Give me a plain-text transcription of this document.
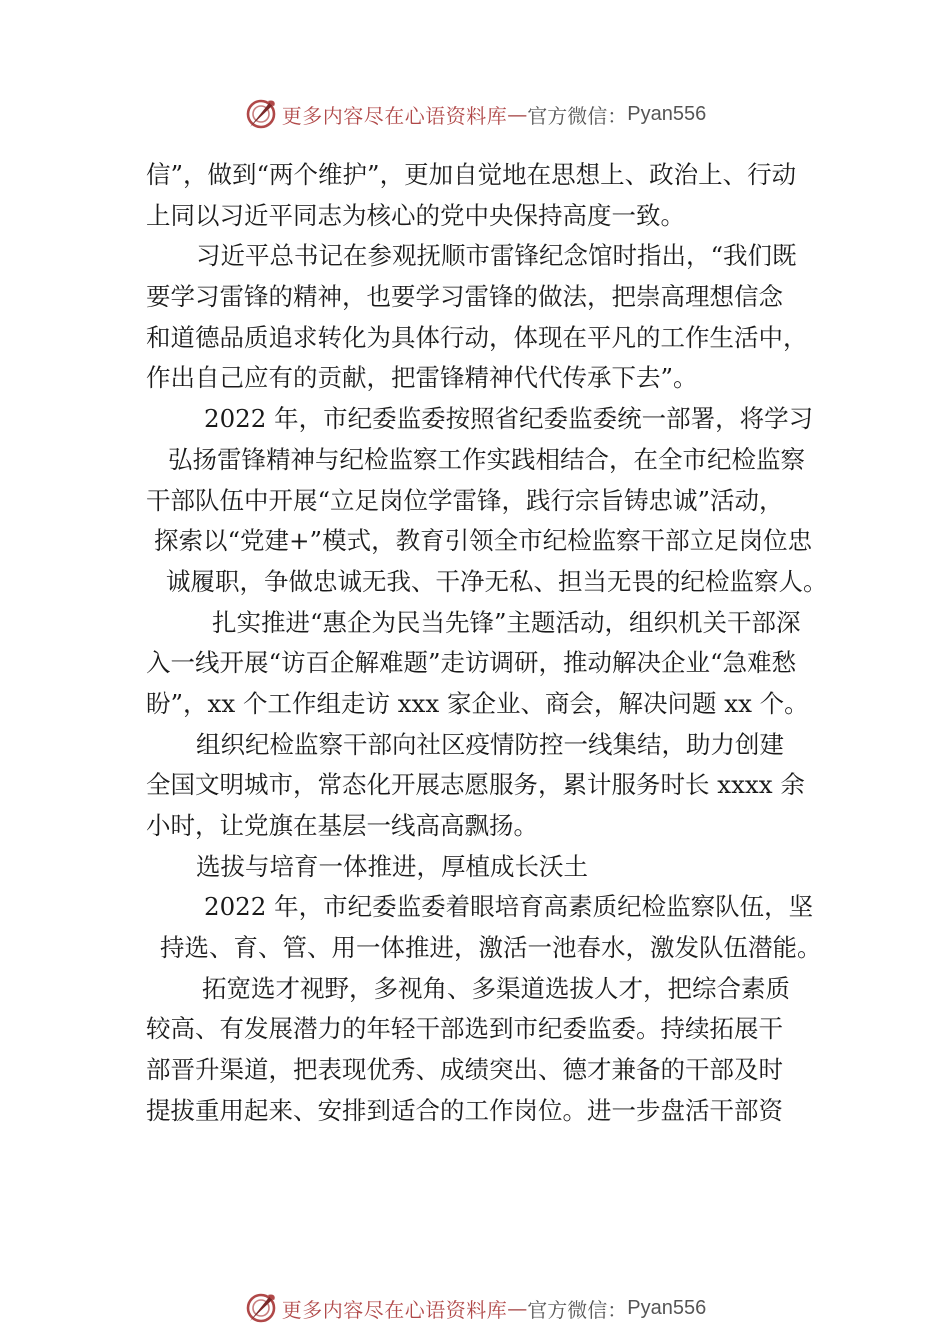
更多内容尽在心语资料库 — 官方微信： Pyan556
信”，做到“两个维护”，更加自觉地在思想上、政治上、行动
上同以习近平同志为核心的党中央保持高度一致。
习近平总书记在参观抚顺市雷锋纪念馆时指出，“我们既
要学习雷锋的精神，也要学习雷锋的做法，把崇高理想信念
和道德品质追求转化为具体行动，体现在平凡的工作生活中，
作出自己应有的贡献，把雷锋精神代代传承下去”。
2022 年，市纪委监委按照省纪委监委统一部署，将学习
弘扬雷锋精神与纪检监察工作实践相结合，在全市纪检监察
干部队伍中开展“立足岗位学雷锋，践行宗旨铸忠诚”活动，
探索以“党建+”模式，教育引领全市纪检监察干部立足岗位忠
诚履职，争做忠诚无我、干净无私、担当无畏的纪检监察人。
扎实推进“惠企为民当先锋”主题活动，组织机关干部深
入一线开展“访百企解难题”走访调研，推动解决企业“急难愁
盼”，xx 个工作组走访 xxx 家企业、商会，解决问题 xx 个。
组织纪检监察干部向社区疫情防控一线集结，助力创建
全国文明城市，常态化开展志愿服务，累计服务时长 xxxx 余
小时，让党旗在基层一线高高飘扬。
选拔与培育一体推进，厚植成长沃土
2022 年，市纪委监委着眼培育高素质纪检监察队伍，坚
持选、育、管、用一体推进，激活一池春水，激发队伍潜能。
拓宽选才视野，多视角、多渠道选拔人才，把综合素质
较高、有发展潜力的年轻干部选到市纪委监委。持续拓展干
部晋升渠道，把表现优秀、成绩突出、德才兼备的干部及时
提拔重用起来、安排到适合的工作岗位。进一步盘活干部资
更多内容尽在心语资料库 — 官方微信： Pyan556
